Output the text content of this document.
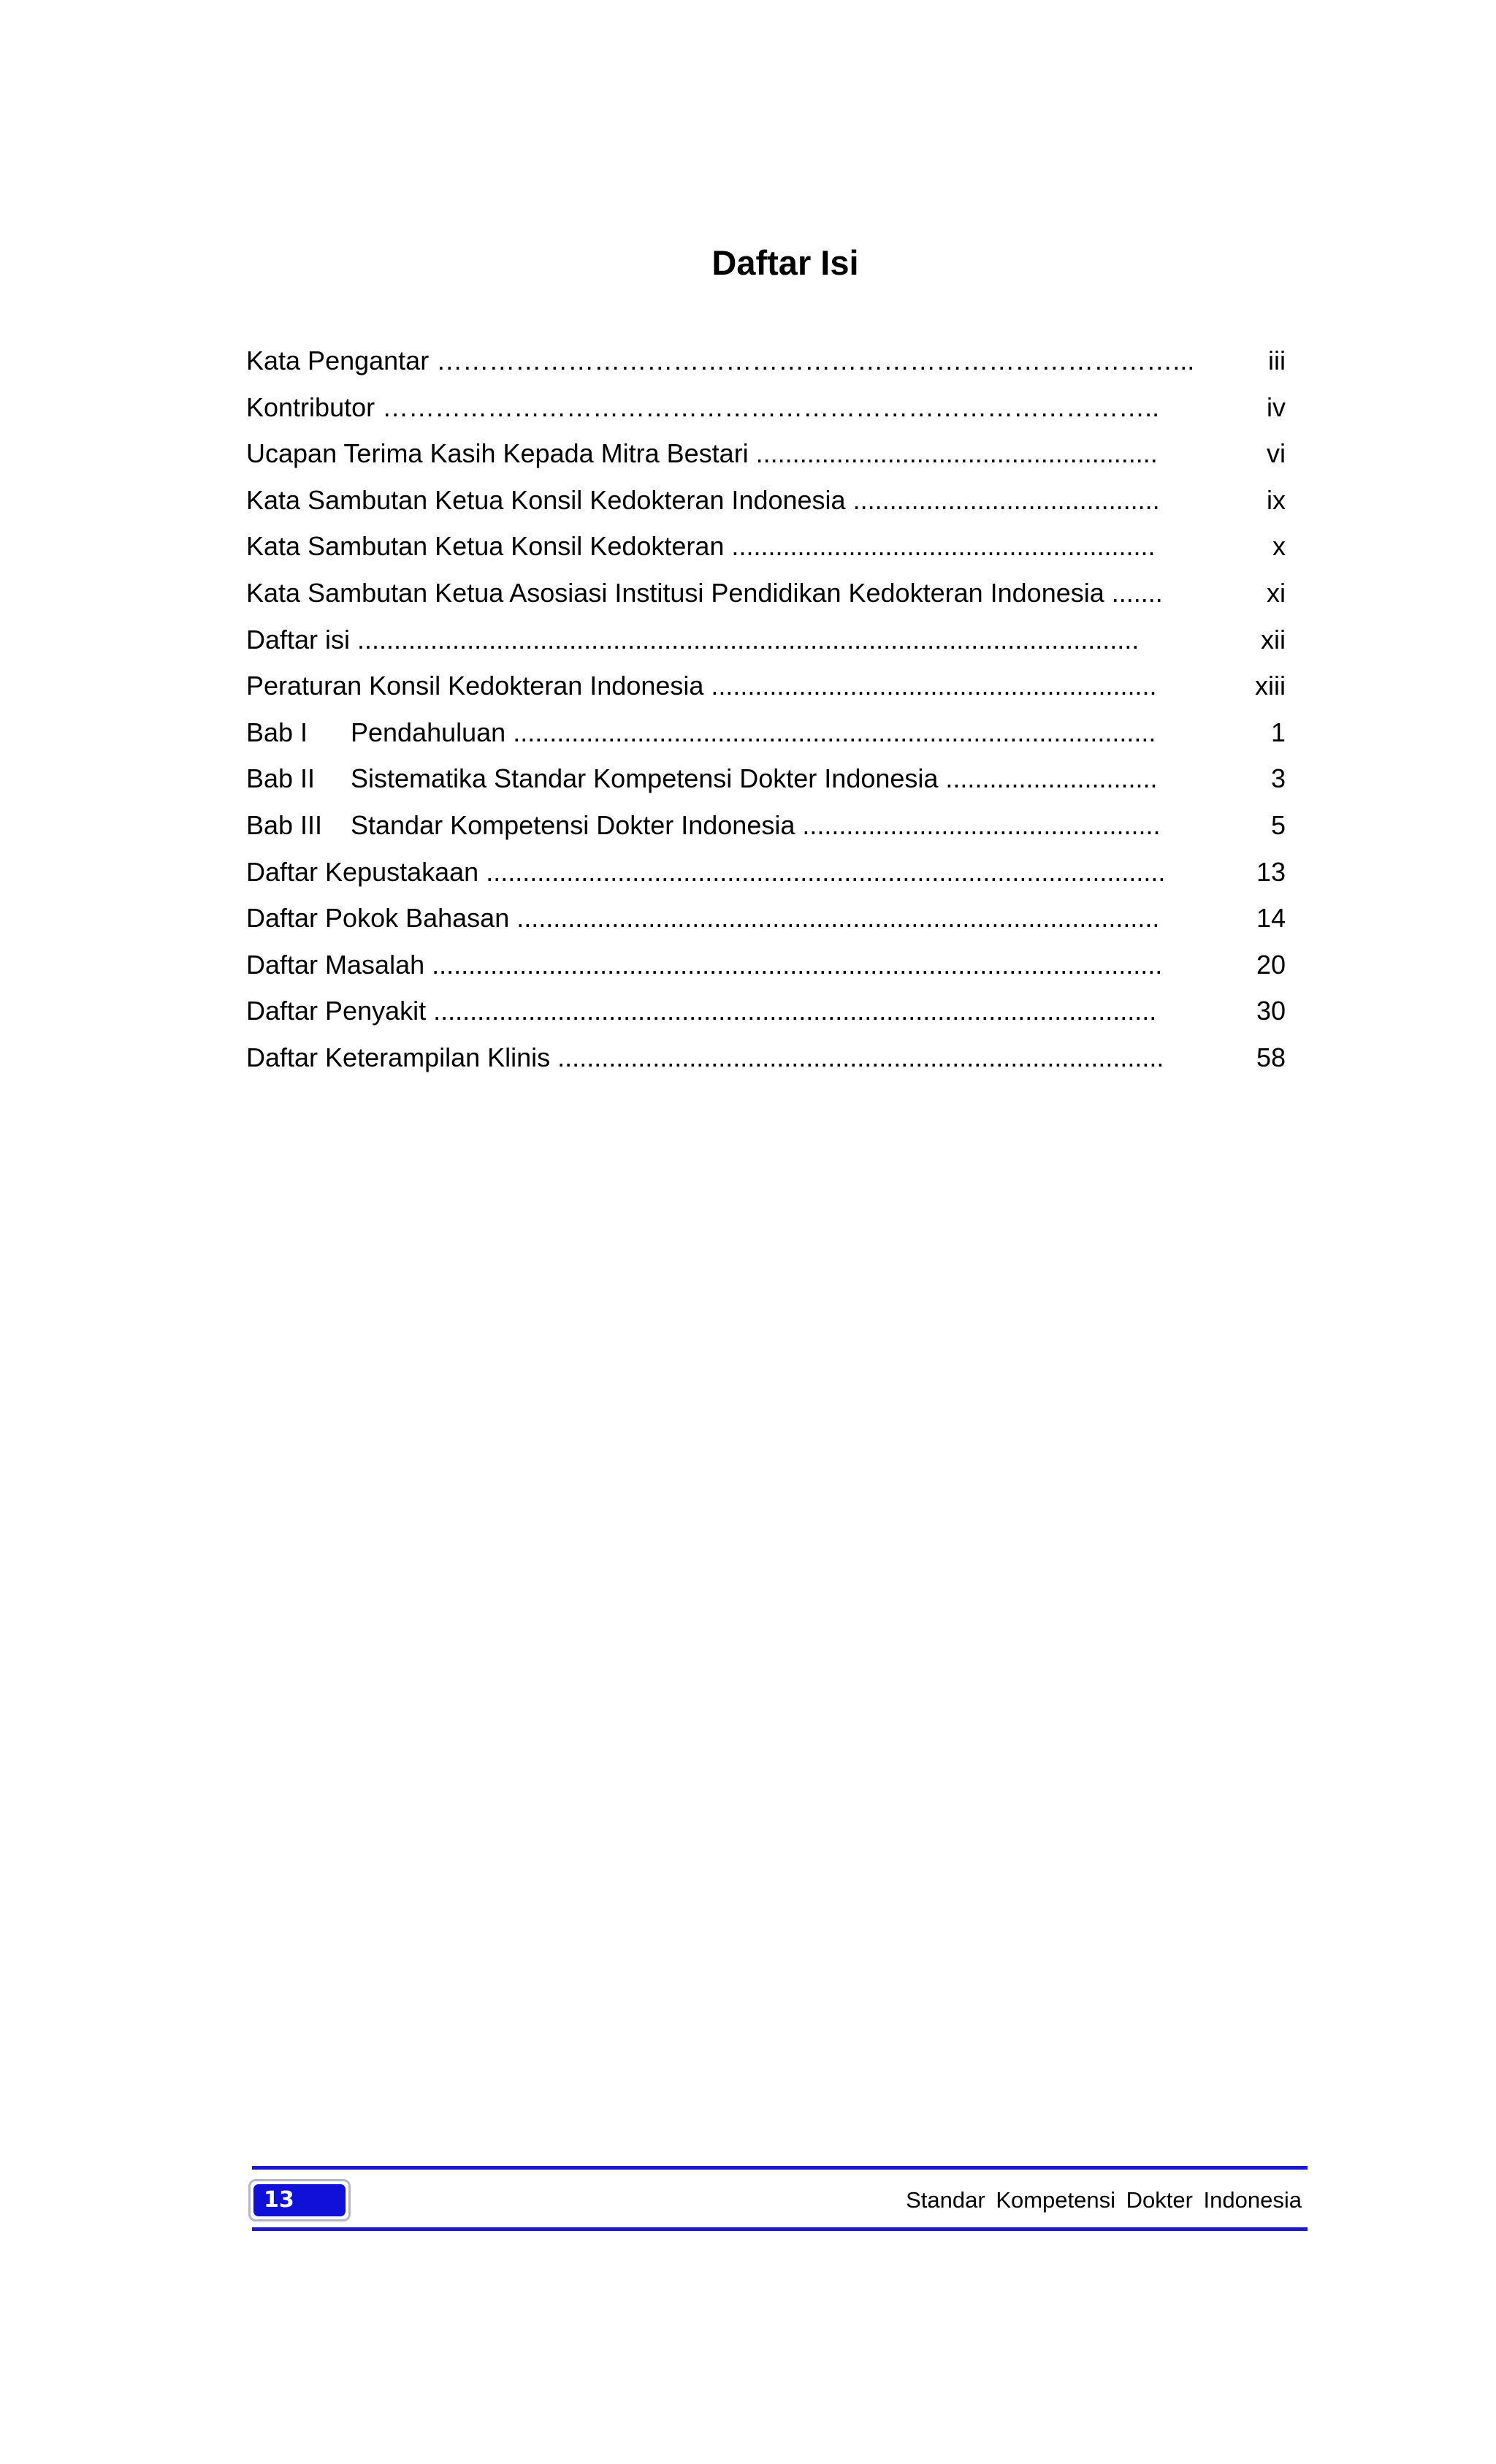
Daftar Isi
Kata Pengantar …………………………………………………………………………...	iii
Kontributor ……………………………………………………………………………..	iv
Ucapan Terima Kasih Kepada Mitra Bestari .......................................................	vi
Kata Sambutan Ketua Konsil Kedokteran Indonesia ..........................................	ix
Kata Sambutan Ketua Konsil Kedokteran ..........................................................	x
Kata Sambutan Ketua Asosiasi Institusi Pendidikan Kedokteran Indonesia .......	xi
Daftar isi ...........................................................................................................	xii
Peraturan Konsil Kedokteran Indonesia .............................................................	xiii
Bab I Pendahuluan ........................................................................................	1
Bab II Sistematika Standar Kompetensi Dokter Indonesia .............................	3
Bab III Standar Kompetensi Dokter Indonesia .................................................	5
Daftar Kepustakaan .............................................................................................	13
Daftar Pokok Bahasan ........................................................................................	14
Daftar Masalah ....................................................................................................	20
Daftar Penyakit ...................................................................................................	30
Daftar Keterampilan Klinis ...................................................................................	58
13	Standar Kompetensi Dokter Indonesia
